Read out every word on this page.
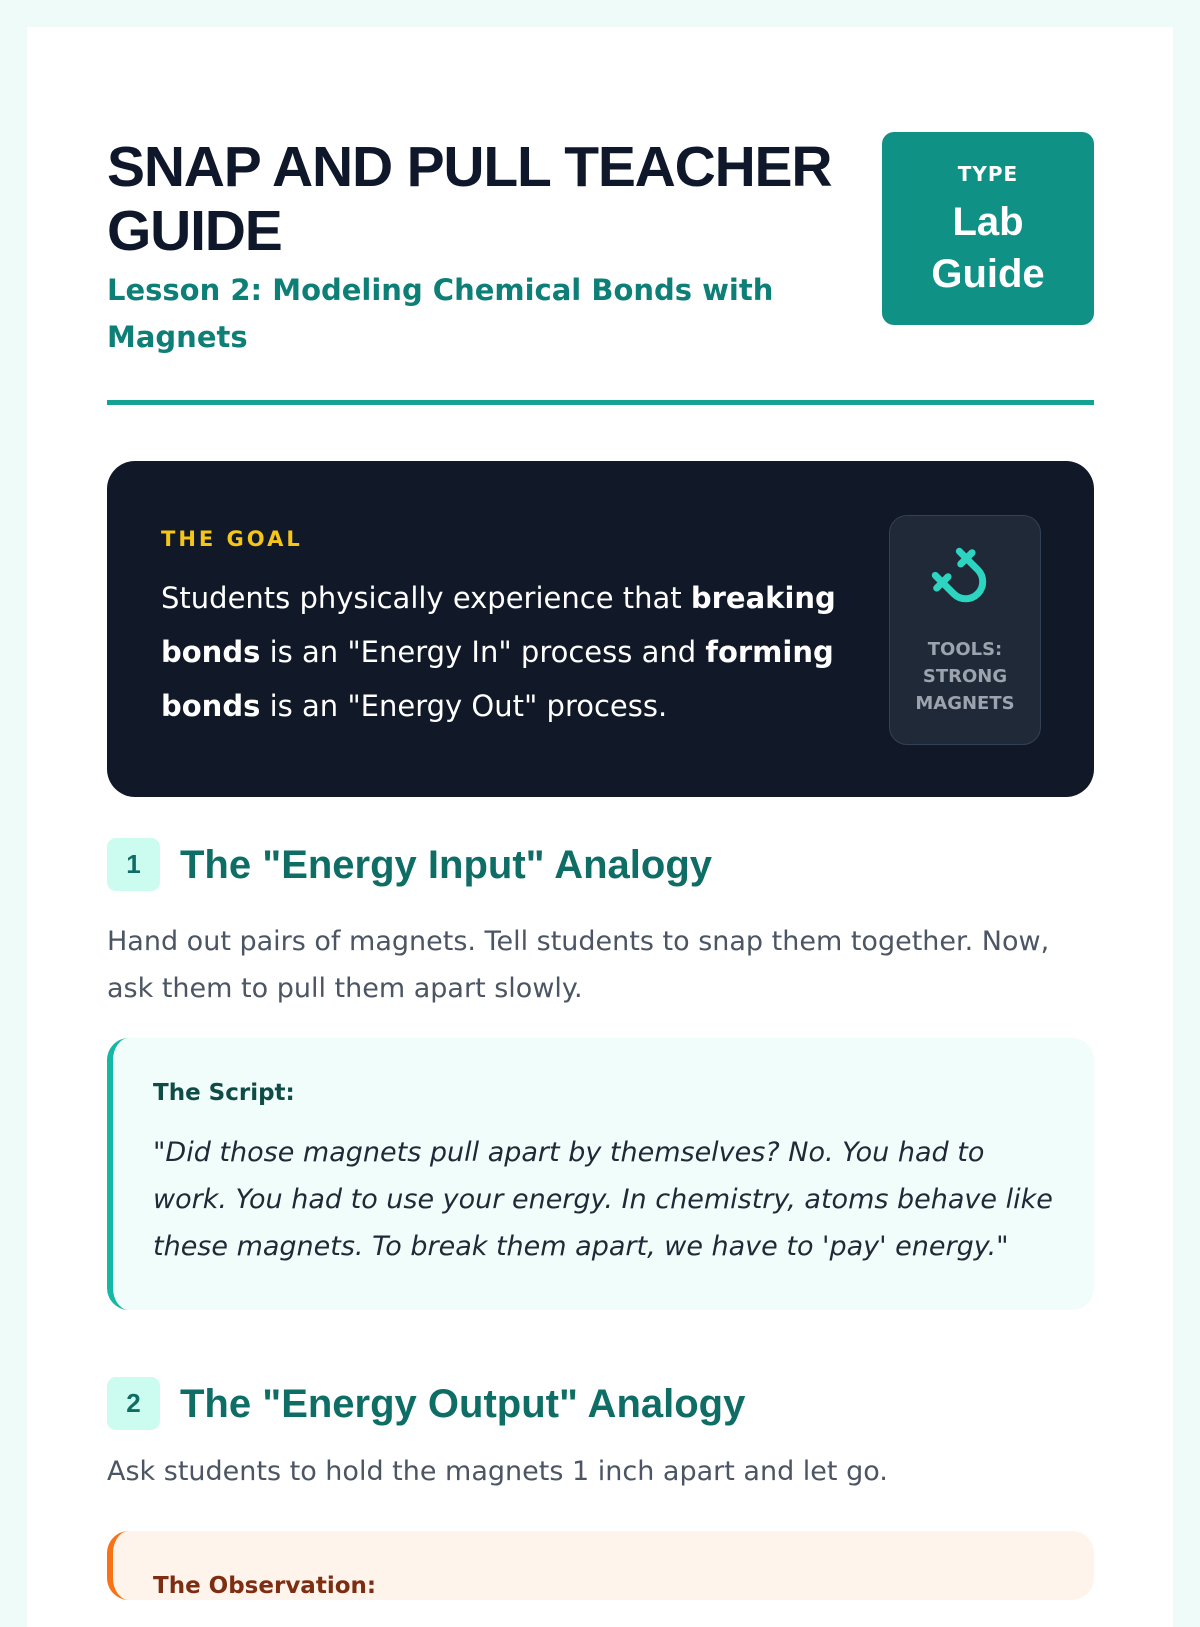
SNAP AND PULL TEACHER GUIDE

Lesson 2: Modeling Chemical Bonds with Magnets

TYPE
Lab Guide
THE GOAL

Students physically experience that breaking bonds is an "Energy In" process and forming bonds is an "Energy Out" process.

TOOLS: STRONG MAGNETS
1 The "Energy Input" Analogy

Hand out pairs of magnets. Tell students to snap them together. Now, ask them to pull them apart slowly.

The Script:

"Did those magnets pull apart by themselves? No. You had to work. You had to use your energy. In chemistry, atoms behave like these magnets. To break them apart, we have to 'pay' energy."

2 The "Energy Output" Analogy

Ask students to hold the magnets 1 inch apart and let go.

The Observation:
